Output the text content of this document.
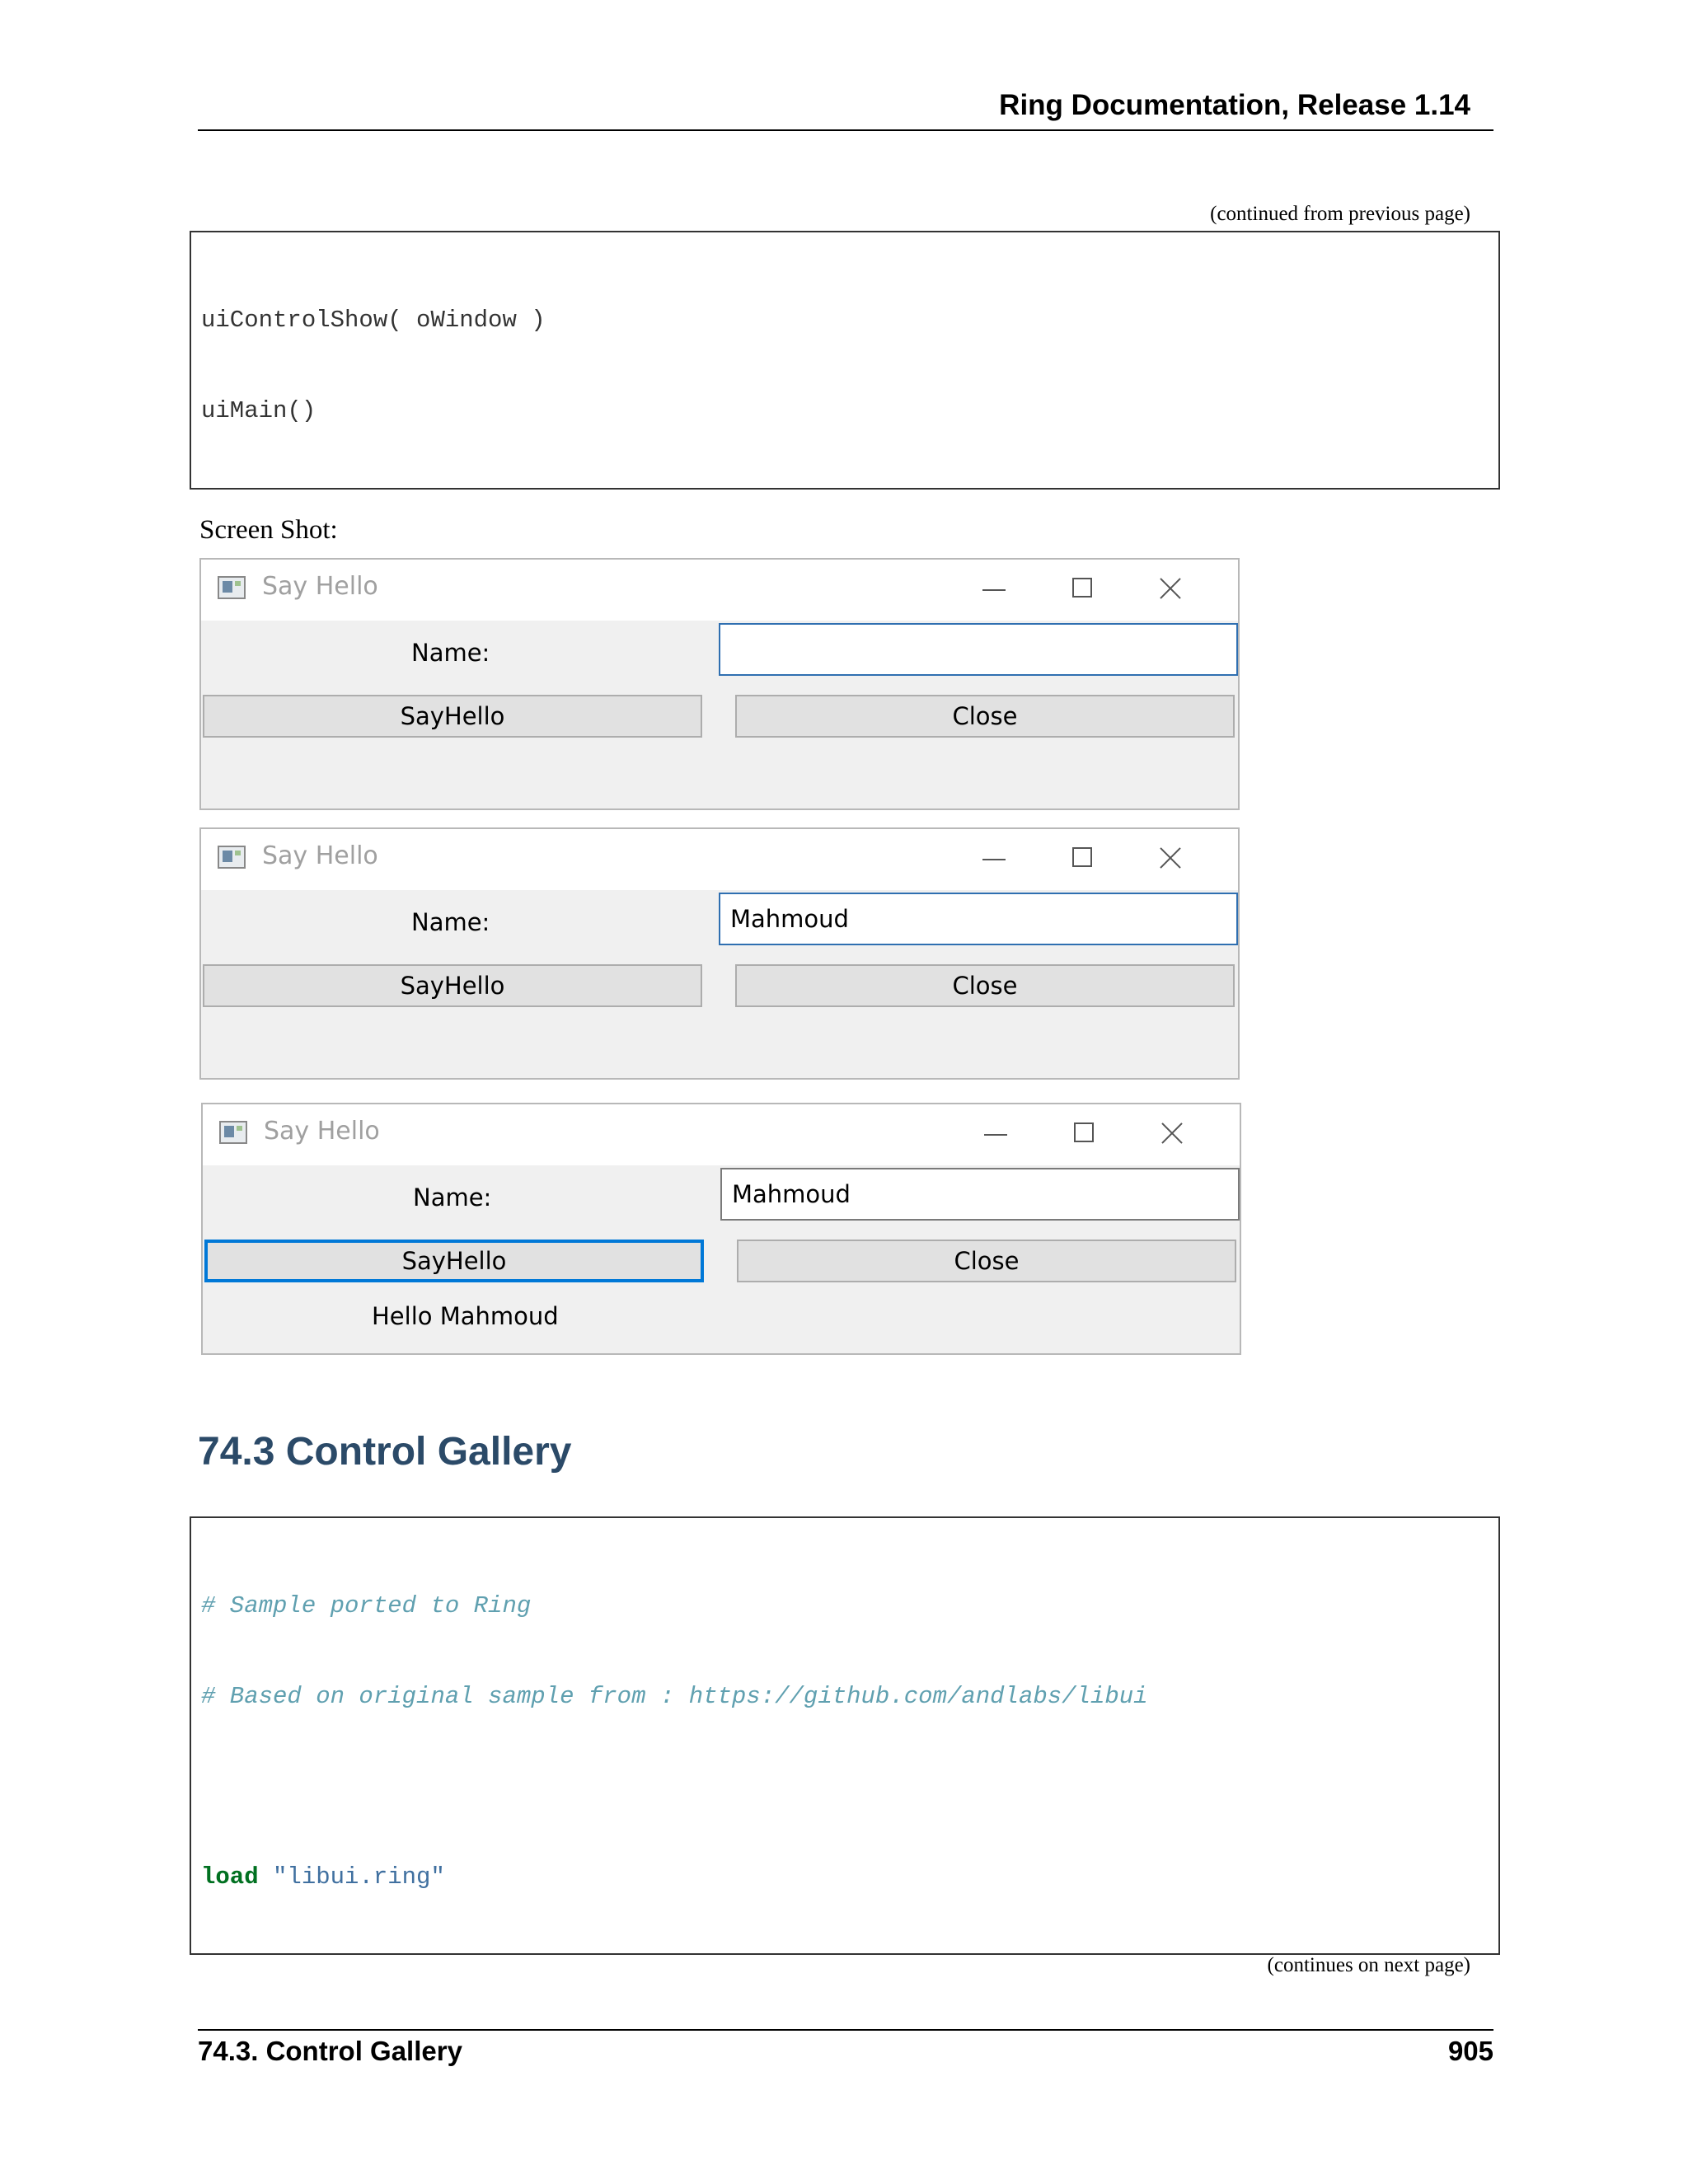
Ring Documentation, Release 1.14
(continued from previous page)

uiControlShow( oWindow )

uiMain()

Screen Shot:
Say Hello
Name:
SayHello	Close
Say Hello
Name:
Mahmoud
SayHello	Close
Say Hello
Name:
Mahmoud
SayHello	Close
Hello Mahmoud
74.3 Control Gallery

# Sample ported to Ring

# Based on original sample from : https://github.com/andlabs/libui

load "libui.ring"

(continues on next page)
74.3. Control Gallery	905
